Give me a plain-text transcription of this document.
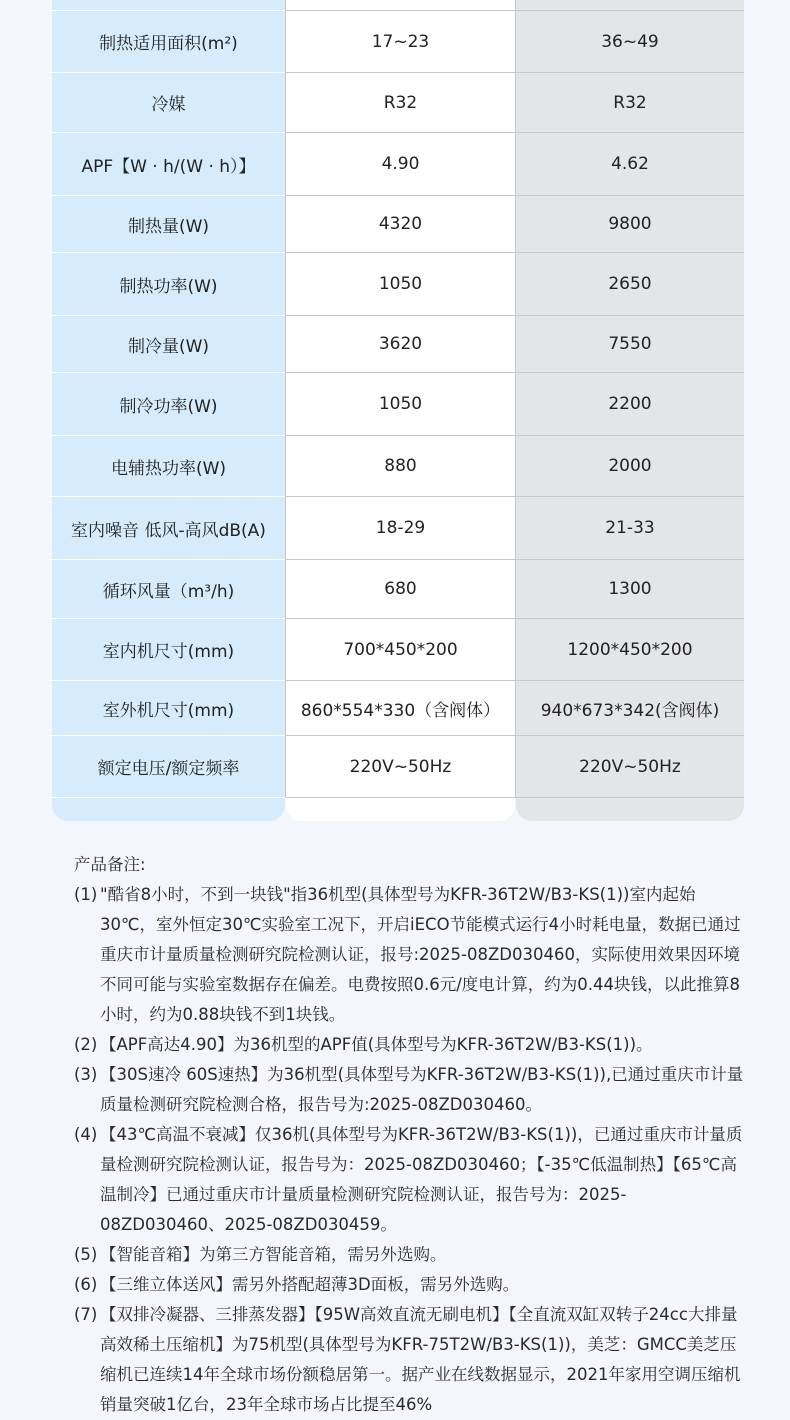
制热适用面积(m²)	17~23	36~49
冷媒	R32	R32
APF【W · h/(W · h）】	4.90	4.62
制热量(W)	4320	9800
制热功率(W)	1050	2650
制冷量(W)	3620	7550
制冷功率(W)	1050	2200
电辅热功率(W)	880	2000
室内噪音 低风-高风dB(A)	18-29	21-33
循环风量（m³/h)	680	1300
室内机尺寸(mm)	700*450*200	1200*450*200
室外机尺寸(mm)	860*554*330（含阀体）	940*673*342(含阀体)
额定电压/额定频率	220V~50Hz	220V~50Hz

产品备注:

(1) "酷省8小时，不到一块钱"指36机型(具体型号为KFR-36T2W/B3-KS(1))室内起始30℃，室外恒定30℃实验室工况下，开启iECO节能模式运行4小时耗电量，数据已通过重庆市计量质量检测研究院检测认证，报号:2025-08ZD030460，实际使用效果因环境不同可能与实验室数据存在偏差。电费按照0.6元/度电计算，约为0.44块钱，以此推算8小时，约为0.88块钱不到1块钱。

(2) 【APF高达4.90】为36机型的APF值(具体型号为KFR-36T2W/B3-KS(1))。

(3) 【30S速冷 60S速热】为36机型(具体型号为KFR-36T2W/B3-KS(1)),已通过重庆市计量质量检测研究院检测合格，报告号为:2025-08ZD030460。

(4) 【43℃高温不衰减】仅36机(具体型号为KFR-36T2W/B3-KS(1))，已通过重庆市计量质量检测研究院检测认证，报告号为：2025-08ZD030460；【-35℃低温制热】【65℃高温制冷】已通过重庆市计量质量检测研究院检测认证，报告号为：2025-08ZD030460、2025-08ZD030459。

(5) 【智能音箱】为第三方智能音箱，需另外选购。

(6) 【三维立体送风】需另外搭配超薄3D面板，需另外选购。

(7) 【双排冷凝器、三排蒸发器】【95W高效直流无刷电机】【全直流双缸双转子24cc大排量高效稀土压缩机】为75机型(具体型号为KFR-75T2W/B3-KS(1))，美芝：GMCC美芝压缩机已连续14年全球市场份额稳居第一。据产业在线数据显示，2021年家用空调压缩机销量突破1亿台，23年全球市场占比提至46%
